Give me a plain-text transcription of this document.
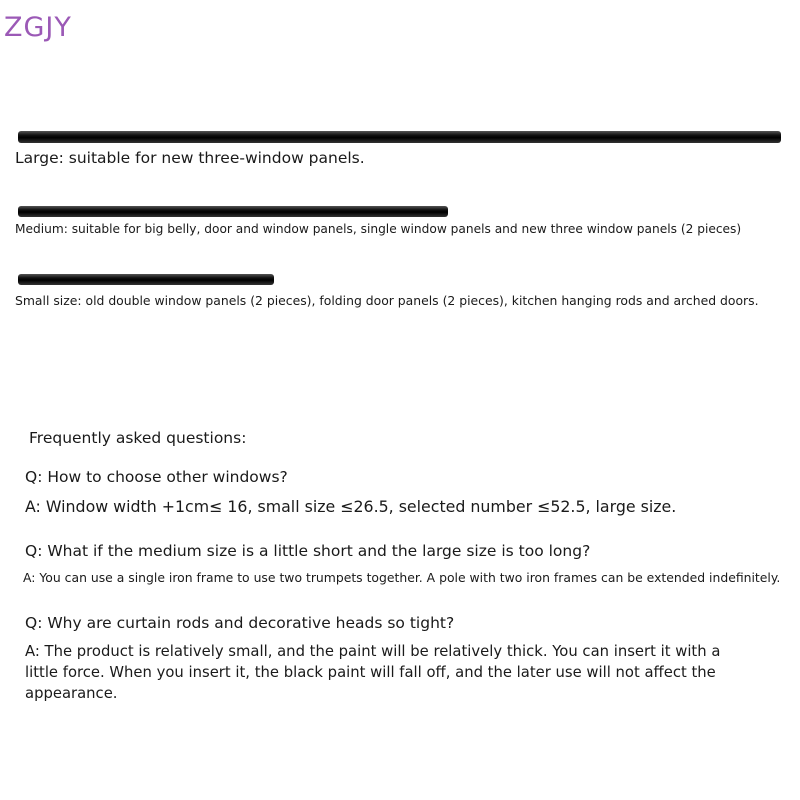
ZGJY
Large: suitable for new three-window panels.
Medium: suitable for big belly, door and window panels, single window panels and new three window panels (2 pieces)
Small size: old double window panels (2 pieces), folding door panels (2 pieces), kitchen hanging rods and arched doors.
Frequently asked questions:
Q: How to choose other windows?
A: Window width +1cm≤ 16, small size ≤26.5, selected number ≤52.5, large size.
Q: What if the medium size is a little short and the large size is too long?
A: You can use a single iron frame to use two trumpets together. A pole with two iron frames can be extended indefinitely.
Q: Why are curtain rods and decorative heads so tight?
A: The product is relatively small, and the paint will be relatively thick. You can insert it with a little force. When you insert it, the black paint will fall off, and the later use will not affect the appearance.
